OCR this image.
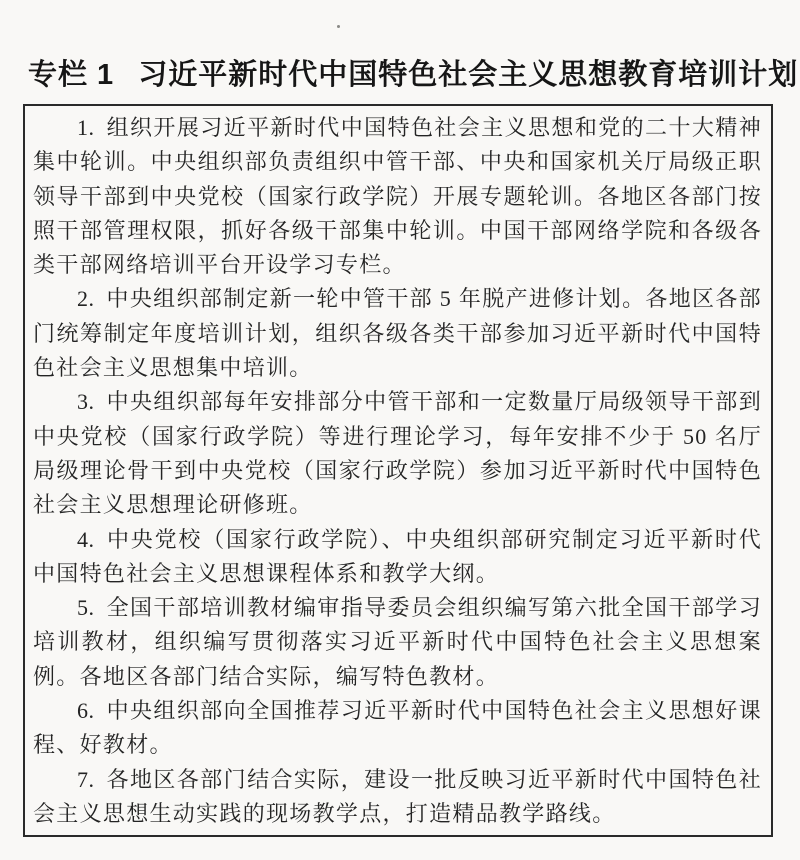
专栏 1 习近平新时代中国特色社会主义思想教育培训计划

1. 组织开展习近平新时代中国特色社会主义思想和党的二十大精神集中轮训。中央组织部负责组织中管干部、中央和国家机关厅局级正职领导干部到中央党校（国家行政学院）开展专题轮训。各地区各部门按照干部管理权限，抓好各级干部集中轮训。中国干部网络学院和各级各类干部网络培训平台开设学习专栏。

2. 中央组织部制定新一轮中管干部 5 年脱产进修计划。各地区各部门统筹制定年度培训计划，组织各级各类干部参加习近平新时代中国特色社会主义思想集中培训。

3. 中央组织部每年安排部分中管干部和一定数量厅局级领导干部到中央党校（国家行政学院）等进行理论学习，每年安排不少于 50 名厅局级理论骨干到中央党校（国家行政学院）参加习近平新时代中国特色社会主义思想理论研修班。

4. 中央党校（国家行政学院）、中央组织部研究制定习近平新时代中国特色社会主义思想课程体系和教学大纲。

5. 全国干部培训教材编审指导委员会组织编写第六批全国干部学习培训教材，组织编写贯彻落实习近平新时代中国特色社会主义思想案例。各地区各部门结合实际，编写特色教材。

6. 中央组织部向全国推荐习近平新时代中国特色社会主义思想好课程、好教材。

7. 各地区各部门结合实际，建设一批反映习近平新时代中国特色社会主义思想生动实践的现场教学点，打造精品教学路线。
